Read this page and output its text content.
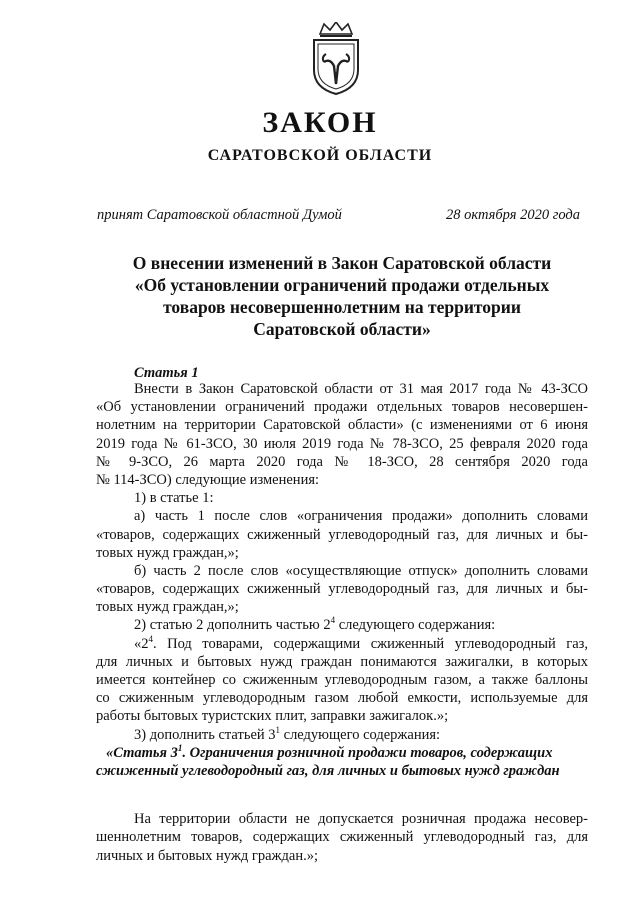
ЗАКОН
САРАТОВСКОЙ ОБЛАСТИ
принят Саратовской областной Думой	28 октября 2020 года
О внесении изменений в Закон Саратовской области
«Об установлении ограничений продажи отдельных
товаров несовершеннолетним на территории
Саратовской области»
Статья 1
Внести в Закон Саратовской области от 31 мая 2017 года № 43-ЗСО
«Об установлении ограничений продажи отдельных товаров несовершен-
нолетним на территории Саратовской области» (с изменениями от 6 июня
2019 года № 61-ЗСО, 30 июля 2019 года № 78-ЗСО, 25 февраля 2020 года
№ 9-ЗСО, 26 марта 2020 года № 18-ЗСО, 28 сентября 2020 года
№ 114-ЗСО) следующие изменения:
1) в статье 1:
а) часть 1 после слов «ограничения продажи» дополнить словами
«товаров, содержащих сжиженный углеводородный газ, для личных и бы-
товых нужд граждан,»;
б) часть 2 после слов «осуществляющие отпуск» дополнить словами
«товаров, содержащих сжиженный углеводородный газ, для личных и бы-
товых нужд граждан,»;
2) статью 2 дополнить частью $2^4$ следующего содержания:
«$2^4$. Под товарами, содержащими сжиженный углеводородный газ,
для личных и бытовых нужд граждан понимаются зажигалки, в которых
имеется контейнер со сжиженным углеводородным газом, а также баллоны
со сжиженным углеводородным газом любой емкости, используемые для
работы бытовых туристских плит, заправки зажигалок.»;
3) дополнить статьей $3^1$ следующего содержания:
«Статья $3^1$. Ограничения розничной продажи товаров, содержащих
сжиженный углеводородный газ, для личных и бытовых нужд граждан
На территории области не допускается розничная продажа несовер-
шеннолетним товаров, содержащих сжиженный углеводородный газ, для
личных и бытовых нужд граждан.»;
